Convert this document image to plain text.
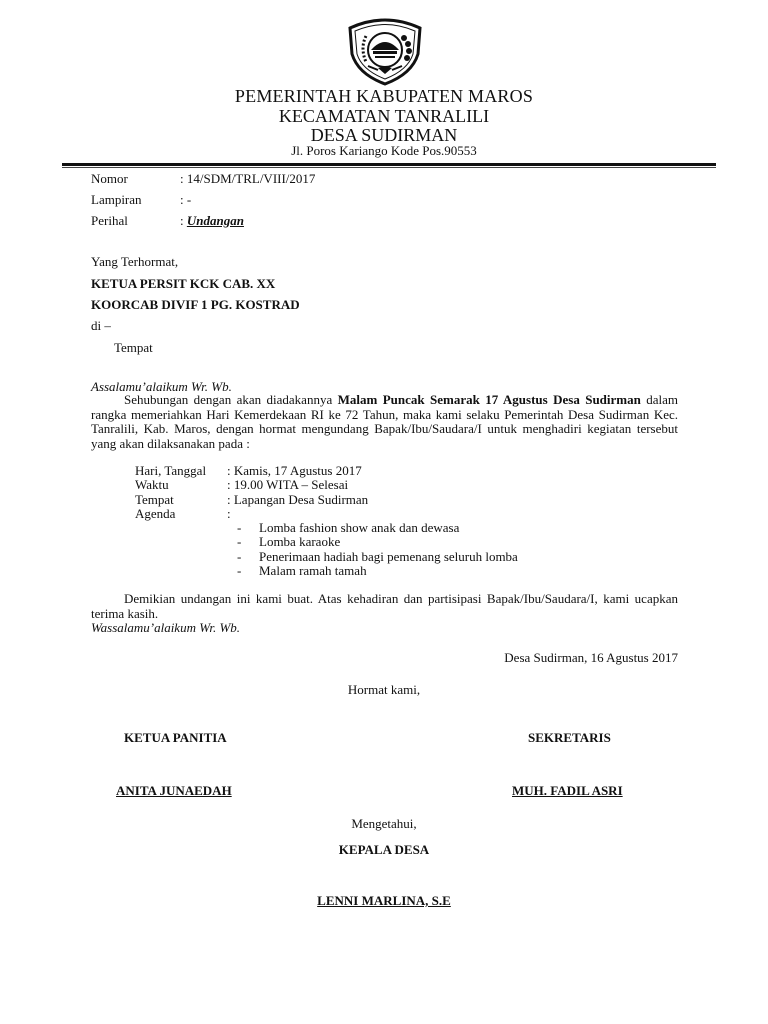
PEMERINTAH KABUPATEN MAROS
KECAMATAN TANRALILI
DESA SUDIRMAN
Jl. Poros Kariango Kode Pos.90553
Nomor	: 14/SDM/TRL/VIII/2017
Lampiran	: -
Perihal	: Undangan
Yang Terhormat,
KETUA PERSIT KCK CAB. XX
KOORCAB DIVIF 1 PG. KOSTRAD
di –
Tempat
Assalamu’alaikum Wr. Wb.
Sehubungan dengan akan diadakannya Malam Puncak Semarak 17 Agustus Desa Sudirman dalam rangka memeriahkan Hari Kemerdekaan RI ke 72 Tahun, maka kami selaku Pemerintah Desa Sudirman Kec. Tanralili, Kab. Maros, dengan hormat mengundang Bapak/Ibu/Saudara/I untuk menghadiri kegiatan tersebut yang akan dilaksanakan pada :
Hari, Tanggal	: Kamis, 17 Agustus 2017
Waktu	: 19.00 WITA – Selesai
Tempat	: Lapangan Desa Sudirman
Agenda	:
-	Lomba fashion show anak dan dewasa
-	Lomba karaoke
-	Penerimaan hadiah bagi pemenang seluruh lomba
-	Malam ramah tamah
Demikian undangan ini kami buat. Atas kehadiran dan partisipasi Bapak/Ibu/Saudara/I, kami ucapkan terima kasih.
Wassalamu’alaikum Wr. Wb.
Desa Sudirman, 16 Agustus 2017
Hormat kami,
KETUA PANITIA	SEKRETARIS
ANITA JUNAEDAH	MUH. FADIL ASRI
Mengetahui,
KEPALA DESA
LENNI MARLINA, S.E
